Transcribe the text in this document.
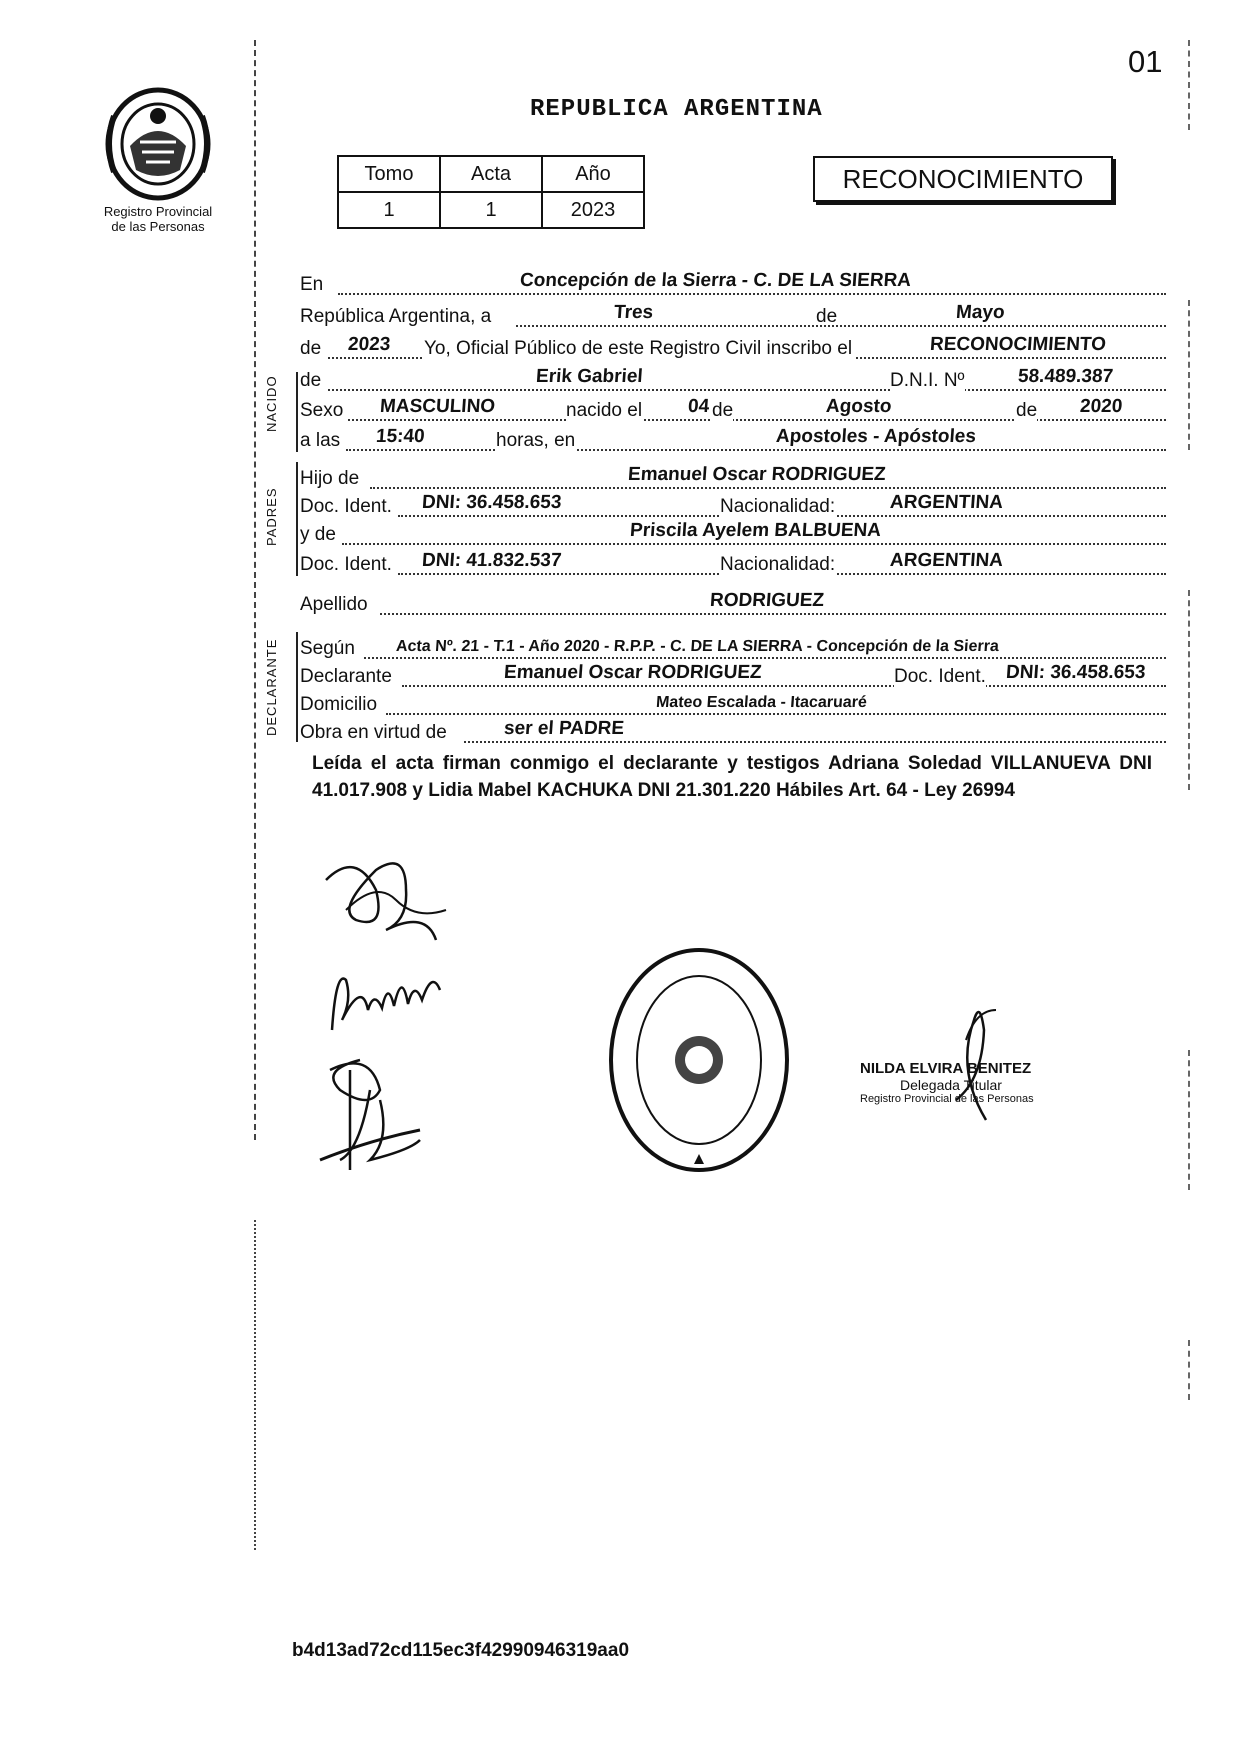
01
Registro Provincial
de las Personas
REPUBLICA ARGENTINA
Tomo	Acta	Año
1	1	2023
RECONOCIMIENTO
NACIDO
PADRES
DECLARANTE
En	Concepción de la Sierra - C. DE LA SIERRA
República Argentina, a	Tres	de	Mayo
de 2023 Yo, Oficial Público de este Registro Civil inscribo el	RECONOCIMIENTO
de	Erik Gabriel	D.N.I. Nº	58.489.387
Sexo MASCULINO	nacido el 04 de	Agosto	de 2020
a las 15:40	horas, en	Apostoles - Apóstoles
Hijo de	Emanuel Oscar RODRIGUEZ
Doc. Ident. DNI: 36.458.653	Nacionalidad:	ARGENTINA
y de	Priscila Ayelem BALBUENA
Doc. Ident. DNI: 41.832.537	Nacionalidad:	ARGENTINA
Apellido	RODRIGUEZ
Según	Acta Nº. 21 - T.1 - Año 2020 - R.P.P. - C. DE LA SIERRA - Concepción de la Sierra
Declarante	Emanuel Oscar RODRIGUEZ	Doc. Ident. DNI: 36.458.653
Domicilio	Mateo Escalada - Itacaruaré
Obra en virtud de	ser el PADRE
Leída el acta firman conmigo el declarante y testigos Adriana Soledad VILLANUEVA DNI 41.017.908 y Lidia Mabel KACHUKA DNI 21.301.220 Hábiles Art. 64 - Ley 26994
NILDA ELVIRA BENITEZ
Delegada Titular
Registro Provincial de las Personas
b4d13ad72cd115ec3f42990946319aa0
